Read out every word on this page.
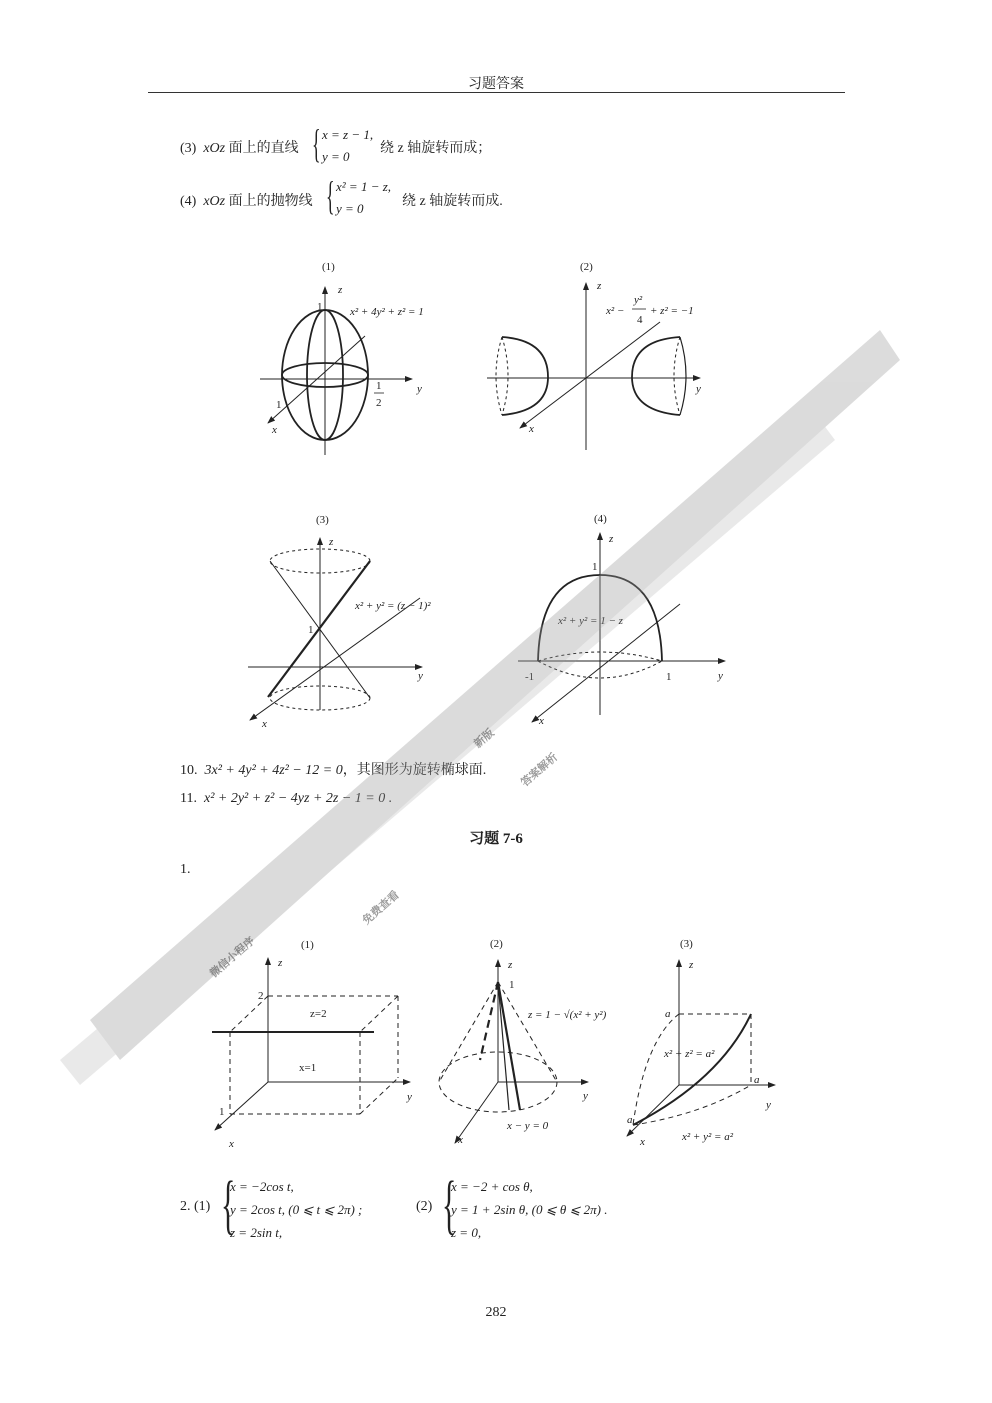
习题答案
(3) xOz 面上的直线 { x = z − 1,
y = 0
绕 z 轴旋转而成；
(4) xOz 面上的抛物线 { x² = 1 − z,
y = 0	绕 z 轴旋转而成.
(1)
z
y
x
1
1
1
2
x² + 4y² + z² = 1
(2)
z
y
x
x² −
y²
4
+ z² = −1
(3)
z
y
x
1
x² + y² = (z − 1)²
(4)
z
y
x
1
-1	1
x² + y² = 1 − z
10. 3x² + 4y² + 4z² − 12 = 0，其图形为旋转椭球面.
11. x² + 2y² + z² − 4yz + 2z − 1 = 0 .
习题 7-6
1.
(1)
2
1
z=2
x=1
z
y
x
(2)
1
z = 1 − √(x² + y²)
x − y = 0
z
y
x
(3)
a
a
a
x² + z² = a²
x² + y² = a²
z
y
x
2. (1) {
x = −2cos t,
y = 2cos t, (0 ⩽ t ⩽ 2π) ;
z = 2sin t,
(2) {
x = −2 + cos θ,
y = 1 + 2sin θ, (0 ⩽ θ ⩽ 2π) .
z = 0,
282
微信小程序
新版
免费查看
答案解析
